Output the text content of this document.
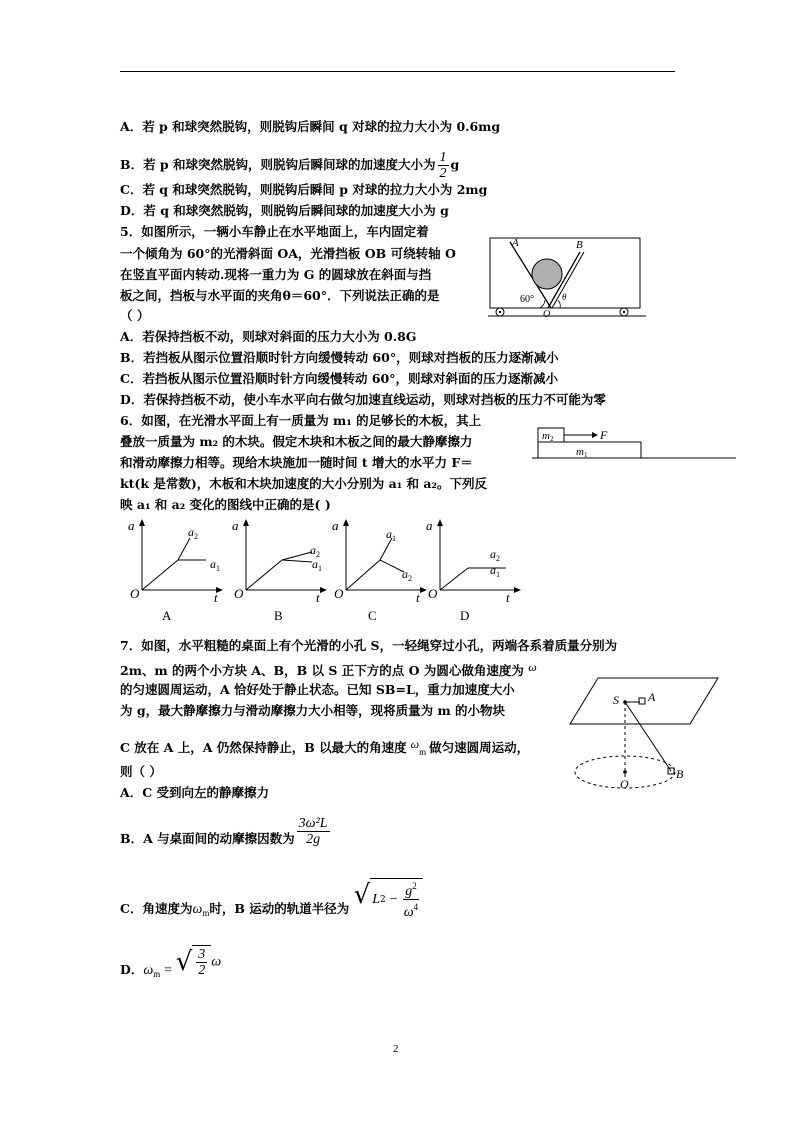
A．若 p 和球突然脱钩，则脱钩后瞬间 q 对球的拉力大小为 0.6mg
B．若 p 和球突然脱钩，则脱钩后瞬间球的加速度大小为 $\frac{1}{2}$ g
C．若 q 和球突然脱钩，则脱钩后瞬间 p 对球的拉力大小为 2mg
D．若 q 和球突然脱钩，则脱钩后瞬间球的加速度大小为 g
5．如图所示，一辆小车静止在水平地面上，车内固定着
一个倾角为 60°的光滑斜面 OA，光滑挡板 OB 可绕转轴 O
在竖直平面内转动.现将一重力为 G 的圆球放在斜面与挡
板之间，挡板与水平面的夹角θ＝60°．下列说法正确的是
（ ）
A	B
60°
O
θ
A．若保持挡板不动，则球对斜面的压力大小为 0.8G
B．若挡板从图示位置沿顺时针方向缓慢转动 60°，则球对挡板的压力逐渐减小
C．若挡板从图示位置沿顺时针方向缓慢转动 60°，则球对斜面的压力逐渐减小
D．若保持挡板不动，使小车水平向右做匀加速直线运动，则球对挡板的压力不可能为零
6．如图，在光滑水平面上有一质量为 m₁ 的足够长的木板，其上
叠放一质量为 m₂ 的木块。假定木块和木板之间的最大静摩擦力
和滑动摩擦力相等。现给木块施加一随时间 t 增大的水平力 F＝
kt(k 是常数)，木板和木块加速度的大小分别为 a₁ 和 a₂。下列反
映 a₁ 和 a₂ 变化的图线中正确的是( )
m2	F
m1
a
O	t
$a_2$
$a_1$
A
a
O	t
$a_2$
$a_1$
B
a
O	t
$a_1$
$a_2$
C
a
O	t
$a_2$
$a_1$
D
7．如图，水平粗糙的桌面上有个光滑的小孔 S，一轻绳穿过小孔，两端各系着质量分别为
2m、m 的两个小方块 A、B，B 以 S 正下方的点 O 为圆心做角速度为 ω
的匀速圆周运动，A 恰好处于静止状态。已知 SB=L，重力加速度大小
为 g，最大静摩擦力与滑动摩擦力大小相等，现将质量为 m 的小物块
C 放在 A 上，A 仍然保持静止，B 以最大的角速度 $\omega_m$ 做匀速圆周运动，
则（ ）
A．C 受到向左的静摩擦力
B．A 与桌面间的动摩擦因数为 $\frac{\text{3ω²L}}{2g}$
C．角速度为$\omega_m$时，B 运动的轨道半径为 √ L $2 - \frac{g^2}{\omega^4}$
D．$\omega_m$ = √ $\frac{3}{2}$ ω
S A
O
B
2
